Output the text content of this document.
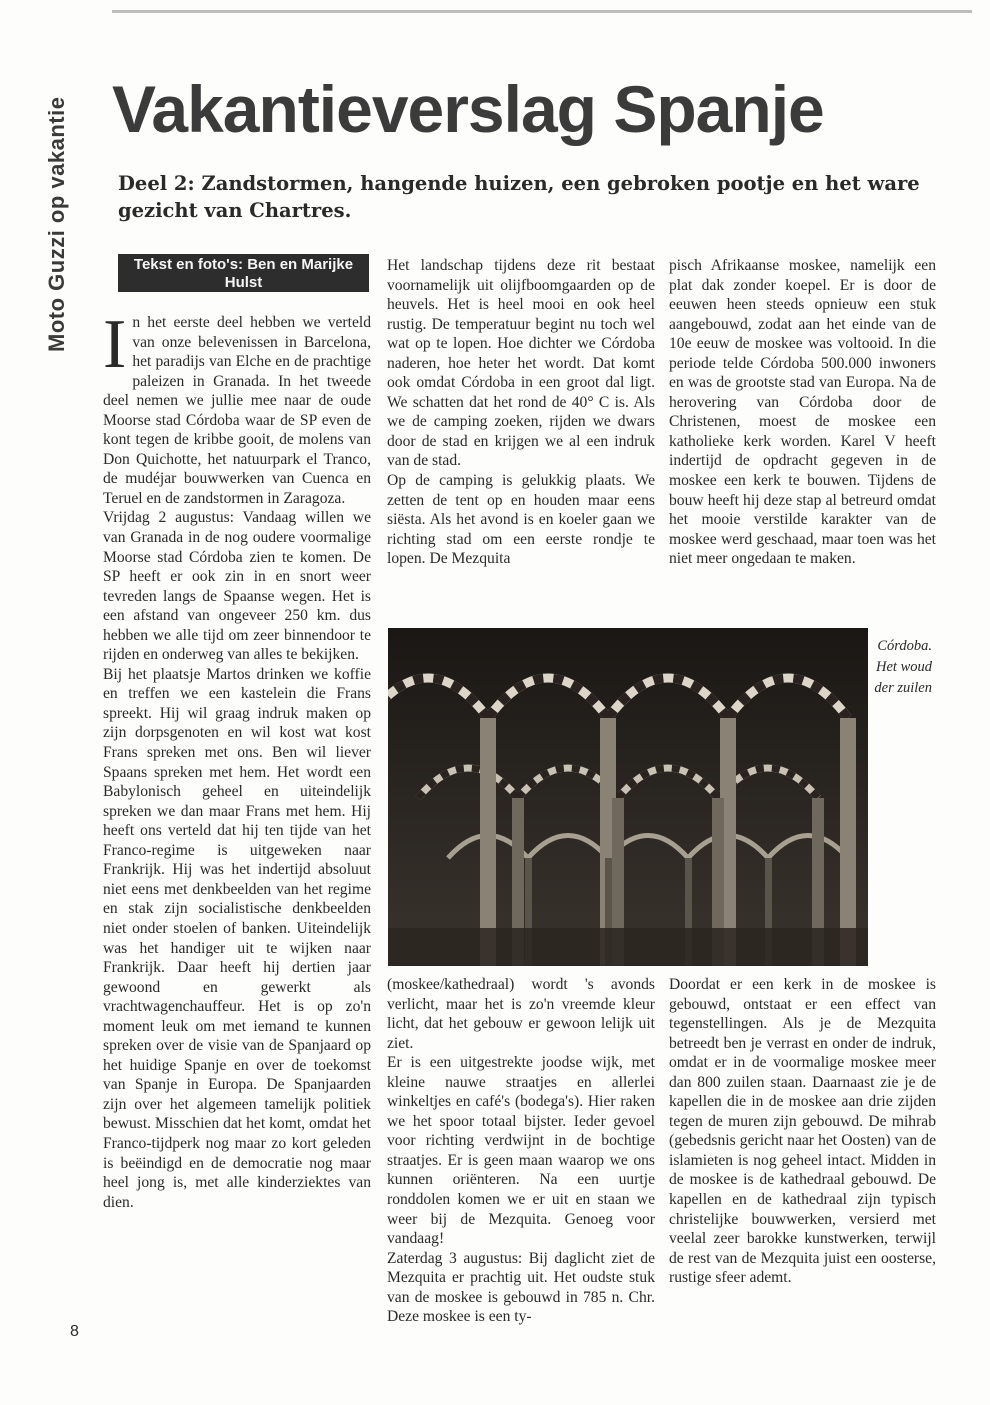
Moto Guzzi op vakantie Vakantieverslag Spanje

Deel 2: Zandstormen, hangende huizen, een gebroken pootje en het ware gezicht van Chartres.

Tekst en foto's: Ben en Marijke Hulst

In het eerste deel hebben we verteld van onze belevenissen in Barcelona, het paradijs van Elche en de prachtige paleizen in Granada. In het tweede deel nemen we jullie mee naar de oude Moorse stad Córdoba waar de SP even de kont tegen de kribbe gooit, de molens van Don Quichotte, het natuurpark el Tranco, de mudéjar bouwwerken van Cuenca en Teruel en de zandstormen in Zaragoza.

Vrijdag 2 augustus: Vandaag willen we van Granada in de nog oudere voormalige Moorse stad Córdoba zien te komen. De SP heeft er ook zin in en snort weer tevreden langs de Spaanse wegen. Het is een afstand van ongeveer 250 km. dus hebben we alle tijd om zeer binnendoor te rijden en onderweg van alles te bekijken.

Bij het plaatsje Martos drinken we koffie en treffen we een kastelein die Frans spreekt. Hij wil graag indruk maken op zijn dorpsgenoten en wil kost wat kost Frans spreken met ons. Ben wil liever Spaans spreken met hem. Het wordt een Babylonisch geheel en uiteindelijk spreken we dan maar Frans met hem. Hij heeft ons verteld dat hij ten tijde van het Franco-regime is uitgeweken naar Frankrijk. Hij was het indertijd absoluut niet eens met denkbeelden van het regime en stak zijn socialistische denkbeelden niet onder stoelen of banken. Uiteindelijk was het handiger uit te wijken naar Frankrijk. Daar heeft hij dertien jaar gewoond en gewerkt als vrachtwagenchauffeur. Het is op zo'n moment leuk om met iemand te kunnen spreken over de visie van de Spanjaard op het huidige Spanje en over de toekomst van Spanje in Europa. De Spanjaarden zijn over het algemeen tamelijk politiek bewust. Misschien dat het komt, omdat het Franco-tijdperk nog maar zo kort geleden is beëindigd en de democratie nog maar heel jong is, met alle kinderziektes van dien.

Het landschap tijdens deze rit bestaat voornamelijk uit olijfboomgaarden op de heuvels. Het is heel mooi en ook heel rustig. De temperatuur begint nu toch wel wat op te lopen. Hoe dichter we Córdoba naderen, hoe heter het wordt. Dat komt ook omdat Córdoba in een groot dal ligt. We schatten dat het rond de 40° C is. Als we de camping zoeken, rijden we dwars door de stad en krijgen we al een indruk van de stad.

Op de camping is gelukkig plaats. We zetten de tent op en houden maar eens siësta. Als het avond is en koeler gaan we richting stad om een eerste rondje te lopen. De Mezquita

pisch Afrikaanse moskee, namelijk een plat dak zonder koepel. Er is door de eeuwen heen steeds opnieuw een stuk aangebouwd, zodat aan het einde van de 10e eeuw de moskee was voltooid. In die periode telde Córdoba 500.000 inwoners en was de grootste stad van Europa. Na de herovering van Córdoba door de Christenen, moest de moskee een katholieke kerk worden. Karel V heeft indertijd de opdracht gegeven in de moskee een kerk te bouwen. Tijdens de bouw heeft hij deze stap al betreurd omdat het mooie verstilde karakter van de moskee werd geschaad, maar toen was het niet meer ongedaan te maken.

Córdoba. Het woud der zuilen

(moskee/kathedraal) wordt 's avonds verlicht, maar het is zo'n vreemde kleur licht, dat het gebouw er gewoon lelijk uit ziet.

Er is een uitgestrekte joodse wijk, met kleine nauwe straatjes en allerlei winkeltjes en café's (bodega's). Hier raken we het spoor totaal bijster. Ieder gevoel voor richting verdwijnt in de bochtige straatjes. Er is geen maan waarop we ons kunnen oriënteren. Na een uurtje ronddolen komen we er uit en staan we weer bij de Mezquita. Genoeg voor vandaag!

Zaterdag 3 augustus: Bij daglicht ziet de Mezquita er prachtig uit. Het oudste stuk van de moskee is gebouwd in 785 n. Chr. Deze moskee is een ty-

Doordat er een kerk in de moskee is gebouwd, ontstaat er een effect van tegenstellingen. Als je de Mezquita betreedt ben je verrast en onder de indruk, omdat er in de voormalige moskee meer dan 800 zuilen staan. Daarnaast zie je de kapellen die in de moskee aan drie zijden tegen de muren zijn gebouwd. De mihrab (gebedsnis gericht naar het Oosten) van de islamieten is nog geheel intact. Midden in de moskee is de kathedraal gebouwd. De kapellen en de kathedraal zijn typisch christelijke bouwwerken, versierd met veelal zeer barokke kunstwerken, terwijl de rest van de Mezquita juist een oosterse, rustige sfeer ademt.

8
